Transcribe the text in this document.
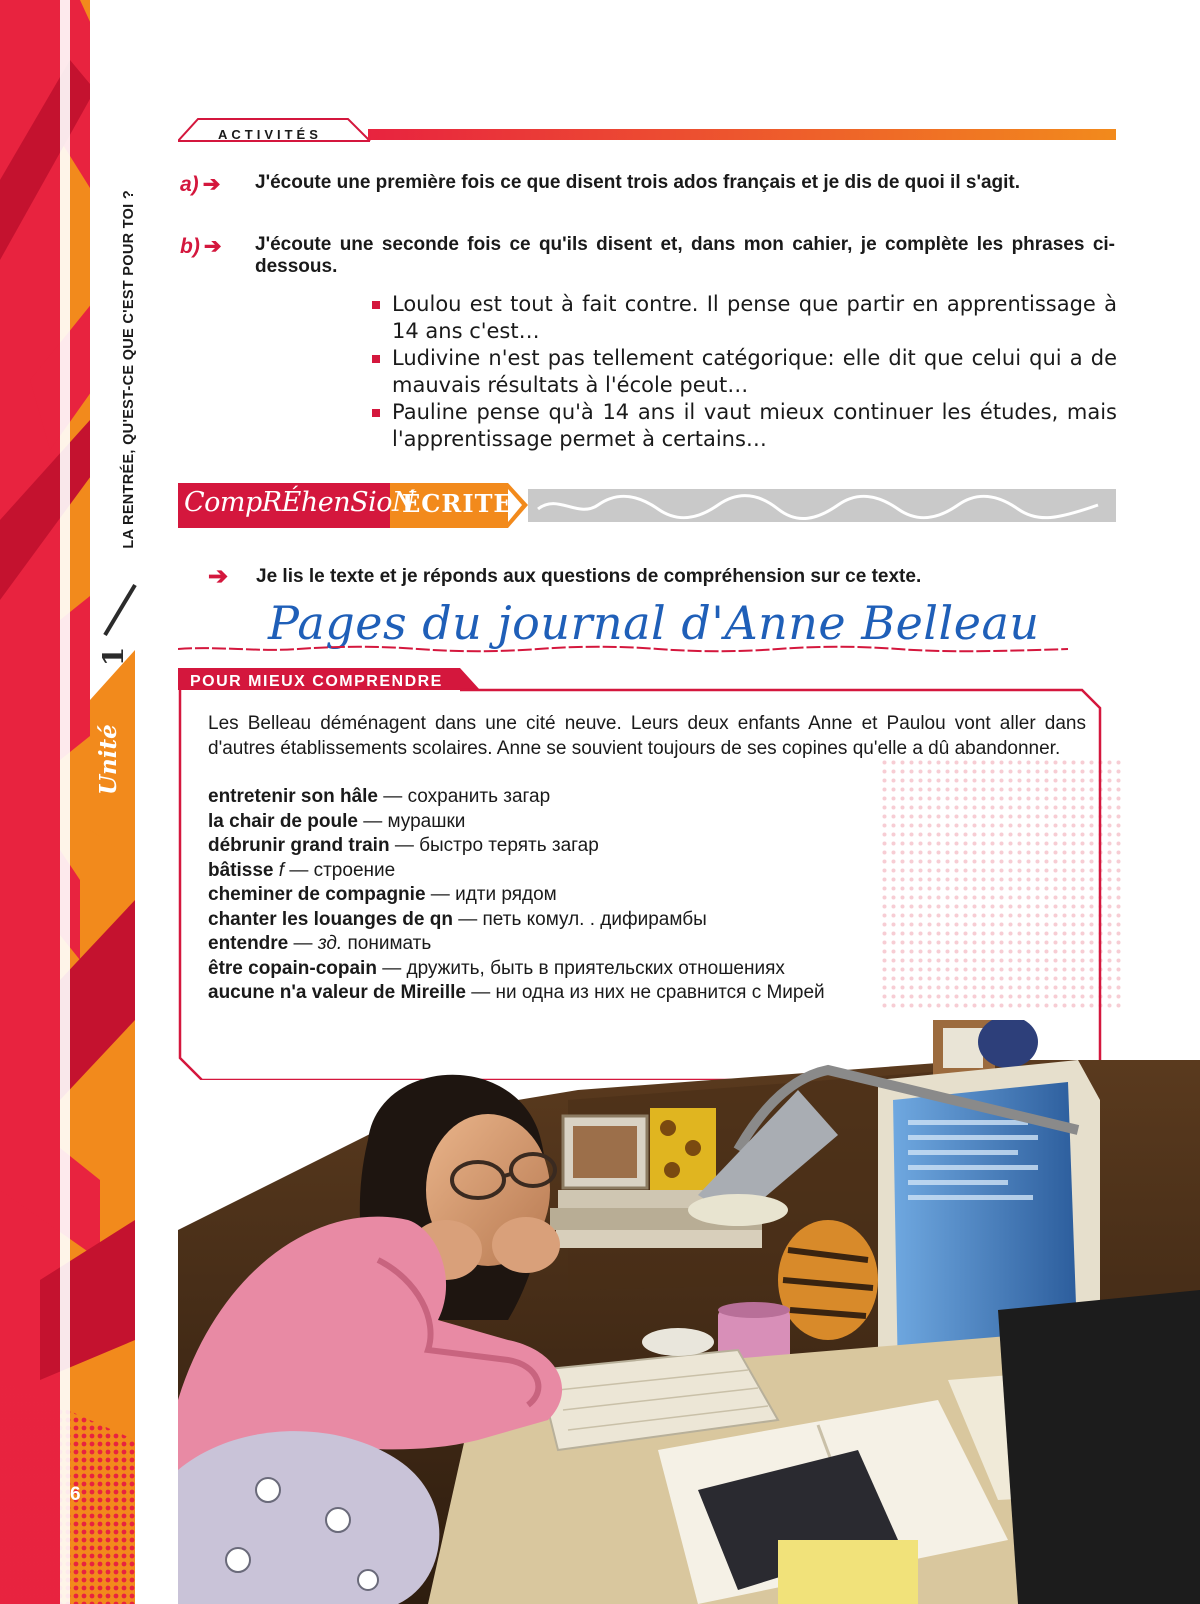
LA RENTRÉE, QU'EST-CE QUE C'EST POUR TOI ?
1
Unité
6
ACTIVITÉS
a) ➔ J'écoute une première fois ce que disent trois ados français et je dis de quoi il s'agit.
b) ➔ J'écoute une seconde fois ce qu'ils disent et, dans mon cahier, je complète les phrases ci-dessous.
Loulou est tout à fait contre. Il pense que partir en apprentissage à 14 ans c'est…
Ludivine n'est pas tellement catégorique: elle dit que celui qui a de mauvais résultats à l'école peut…
Pauline pense qu'à 14 ans il vaut mieux continuer les études, mais l'apprentissage permet à certains…
CompRÉhenSioN
ÉCRITE
➔ Je lis le texte et je réponds aux questions de compréhension sur ce texte.
Pages du journal d'Anne Belleau
POUR MIEUX COMPRENDRE
Les Belleau déménagent dans une cité neuve. Leurs deux enfants Anne et Paulou vont aller dans d'autres établissements scolaires. Anne se souvient toujours de ses copines qu'elle a dû abandonner.
entretenir son hâle — сохранить загар
la chair de poule — мурашки
débrunir grand train — быстро терять загар
bâtisse f — строение
cheminer de compagnie — идти рядом
chanter les louanges de qn — петь комул. . дифирамбы
entendre — зд. понимать
être copain-copain — дружить, быть в приятельских отношениях
aucune n'a valeur de Mireille — ни одна из них не сравнится с Мирей
